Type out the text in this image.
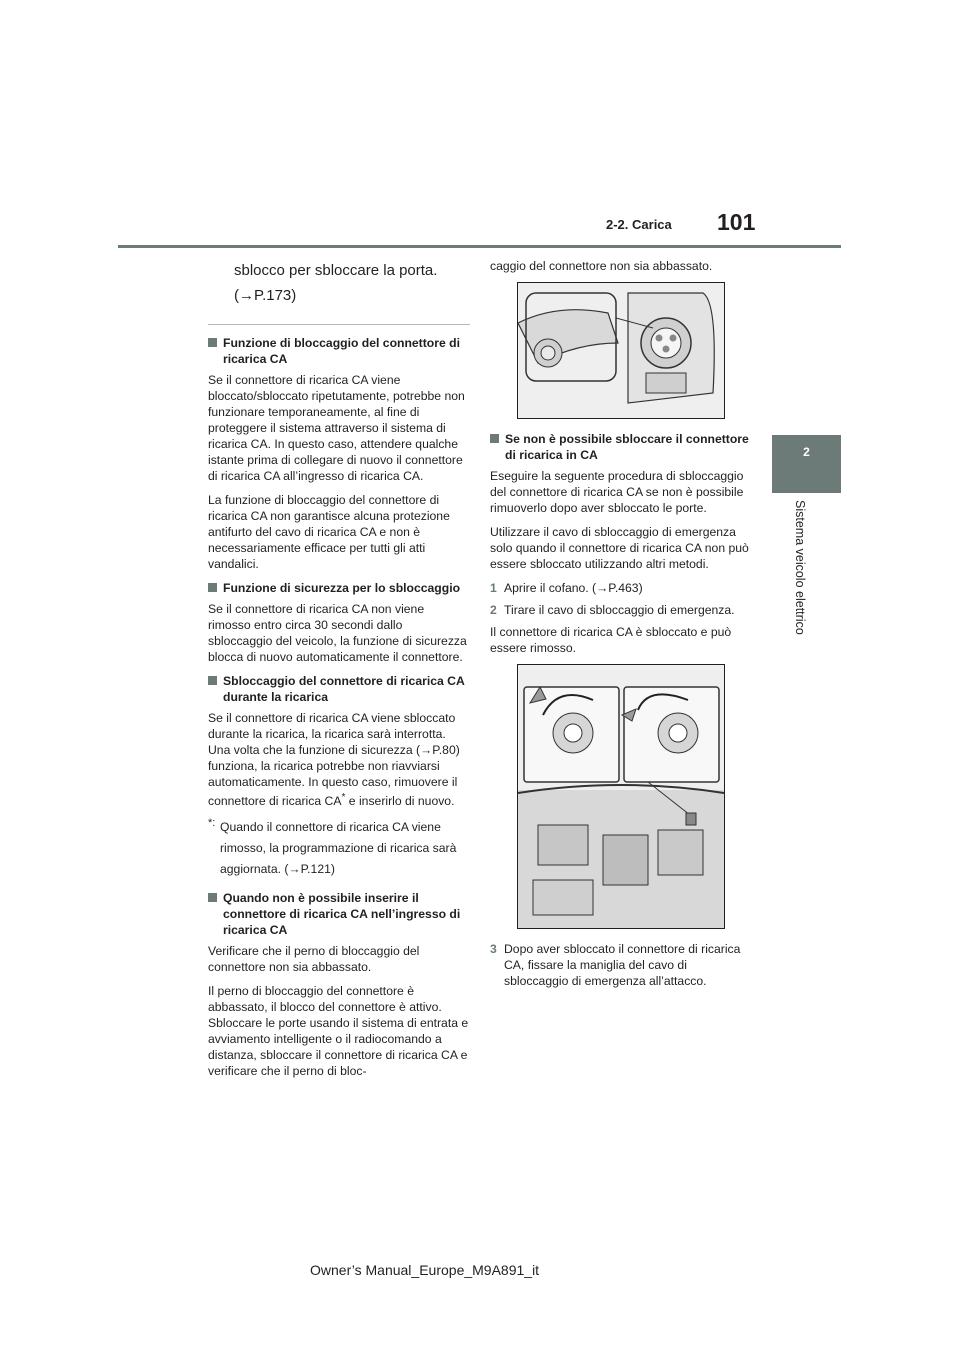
2-2. Carica 101
2
Sistema veicolo elettrico

sblocco per sbloccare la porta.

(→P.173)

Funzione di bloccaggio del connettore di ricarica CA

Se il connettore di ricarica CA viene bloccato/sbloccato ripetutamente, potrebbe non funzionare temporaneamente, al fine di proteggere il sistema attraverso il sistema di ricarica CA. In questo caso, attendere qualche istante prima di collegare di nuovo il connettore di ricarica CA all’ingresso di ricarica CA.

La funzione di bloccaggio del connettore di ricarica CA non garantisce alcuna protezione antifurto del cavo di ricarica CA e non è necessariamente efficace per tutti gli atti vandalici.

Funzione di sicurezza per lo sbloccaggio

Se il connettore di ricarica CA non viene rimosso entro circa 30 secondi dallo sbloccaggio del veicolo, la funzione di sicurezza blocca di nuovo automaticamente il connettore.

Sbloccaggio del connettore di ricarica CA durante la ricarica

Se il connettore di ricarica CA viene sbloccato durante la ricarica, la ricarica sarà interrotta. Una volta che la funzione di sicurezza (→P.80) funziona, la ricarica potrebbe non riavviarsi automaticamente. In questo caso, rimuovere il connettore di ricarica CA* e inserirlo di nuovo.

*: Quando il connettore di ricarica CA viene rimosso, la programmazione di ricarica sarà aggiornata. (→P.121)
Quando non è possibile inserire il connettore di ricarica CA nell’ingresso di ricarica CA

Verificare che il perno di bloccaggio del connettore non sia abbassato.

Il perno di bloccaggio del connettore è abbassato, il blocco del connettore è attivo. Sbloccare le porte usando il sistema di entrata e avviamento intelligente o il radiocomando a distanza, sbloccare il connettore di ricarica CA e verificare che il perno di bloc-

caggio del connettore non sia abbassato.

Se non è possibile sbloccare il connettore di ricarica in CA

Eseguire la seguente procedura di sbloccaggio del connettore di ricarica CA se non è possibile rimuoverlo dopo aver sbloccato le porte.

Utilizzare il cavo di sbloccaggio di emergenza solo quando il connettore di ricarica CA non può essere sbloccato utilizzando altri metodi.

1 Aprire il cofano. (→P.463)
2 Tirare il cavo di sbloccaggio di emergenza.

Il connettore di ricarica CA è sbloccato e può essere rimosso.

3 Dopo aver sbloccato il connettore di ricarica CA, fissare la maniglia del cavo di sbloccaggio di emergenza all’attacco.
Owner’s Manual_Europe_M9A891_it
